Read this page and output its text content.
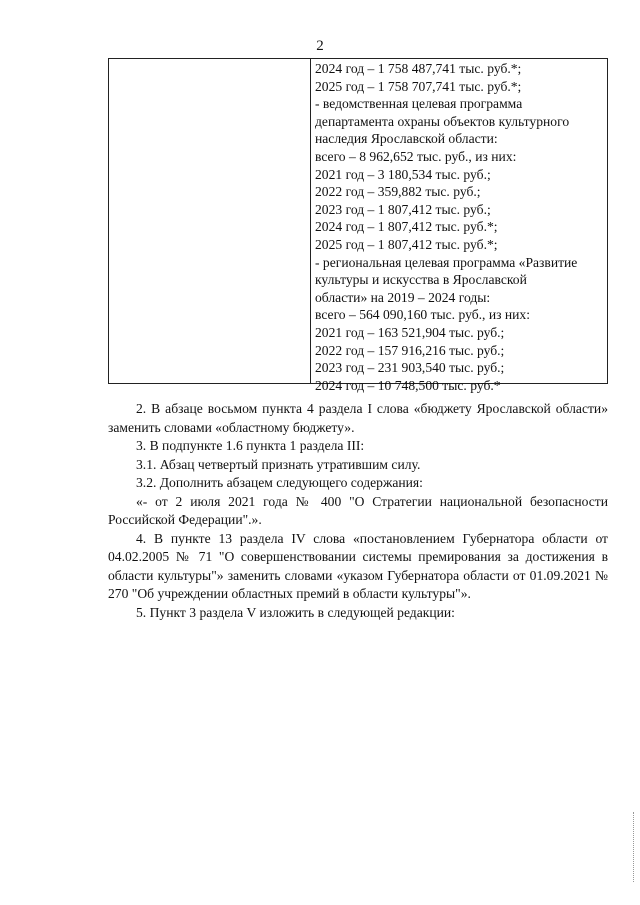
2
2024 год – 1 758 487,741 тыс. руб.*;
2025 год – 1 758 707,741 тыс. руб.*;
- ведомственная целевая программа
департамента охраны объектов культурного
наследия Ярославской области:
всего – 8 962,652 тыс. руб., из них:
2021 год – 3 180,534 тыс. руб.;
2022 год – 359,882 тыс. руб.;
2023 год – 1 807,412 тыс. руб.;
2024 год – 1 807,412 тыс. руб.*;
2025 год – 1 807,412 тыс. руб.*;
- региональная целевая программа «Развитие
культуры и искусства в Ярославской
области» на 2019 – 2024 годы:
всего – 564 090,160 тыс. руб., из них:
2021 год – 163 521,904 тыс. руб.;
2022 год – 157 916,216 тыс. руб.;
2023 год – 231 903,540 тыс. руб.;
2024 год – 10 748,500 тыс. руб.*

2. В абзаце восьмом пункта 4 раздела I слова «бюджету Ярославской области» заменить словами «областному бюджету».

3. В подпункте 1.6 пункта 1 раздела III:

3.1. Абзац четвертый признать утратившим силу.

3.2. Дополнить абзацем следующего содержания:

«- от 2 июля 2021 года № 400 "О Стратегии национальной безопасности Российской Федерации".».

4. В пункте 13 раздела IV слова «постановлением Губернатора области от 04.02.2005 № 71 "О совершенствовании системы премирования за достижения в области культуры"» заменить словами «указом Губернатора области от 01.09.2021 № 270 "Об учреждении областных премий в области культуры"».

5. Пункт 3 раздела V изложить в следующей редакции:
